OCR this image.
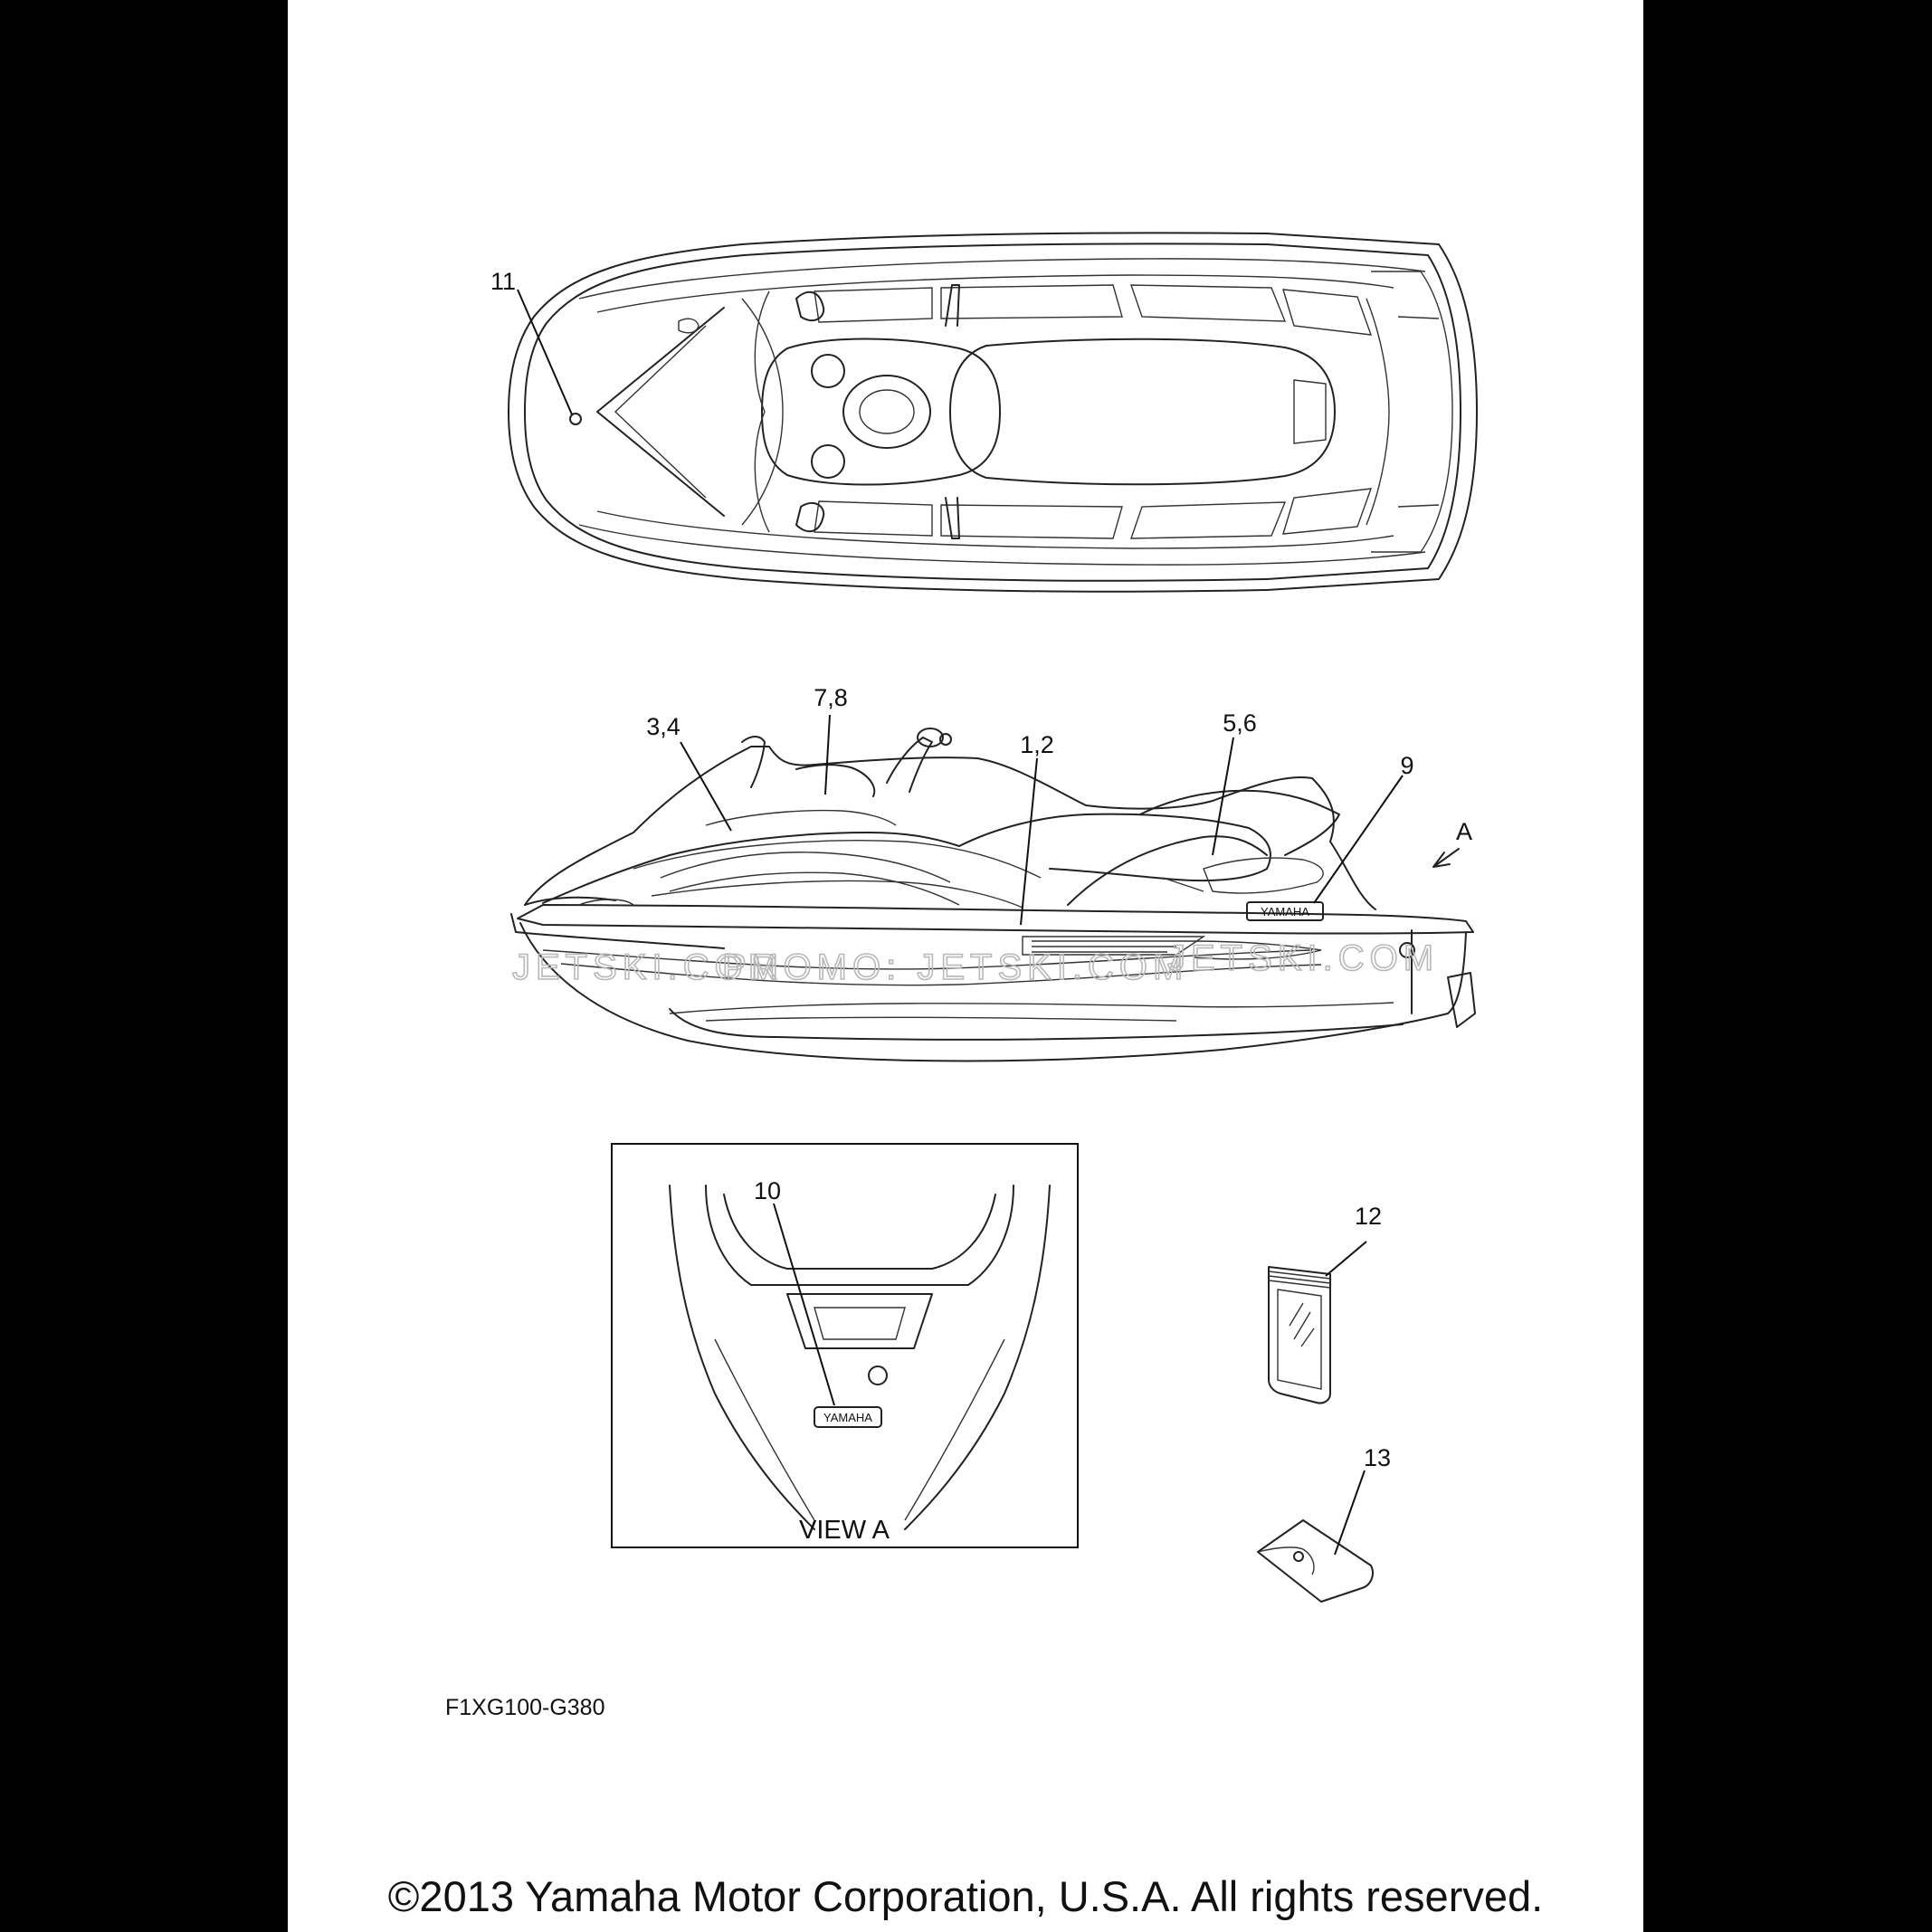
YAMAHA
YAMAHA
VIEW A
11
7,8
3,4
1,2
5,6
9
A
10
12
13
JETSKI.COM
PROMO: JETSKI.COM
JETSKI.COM
F1XG100-G380
©2013 Yamaha Motor Corporation, U.S.A. All rights reserved.
